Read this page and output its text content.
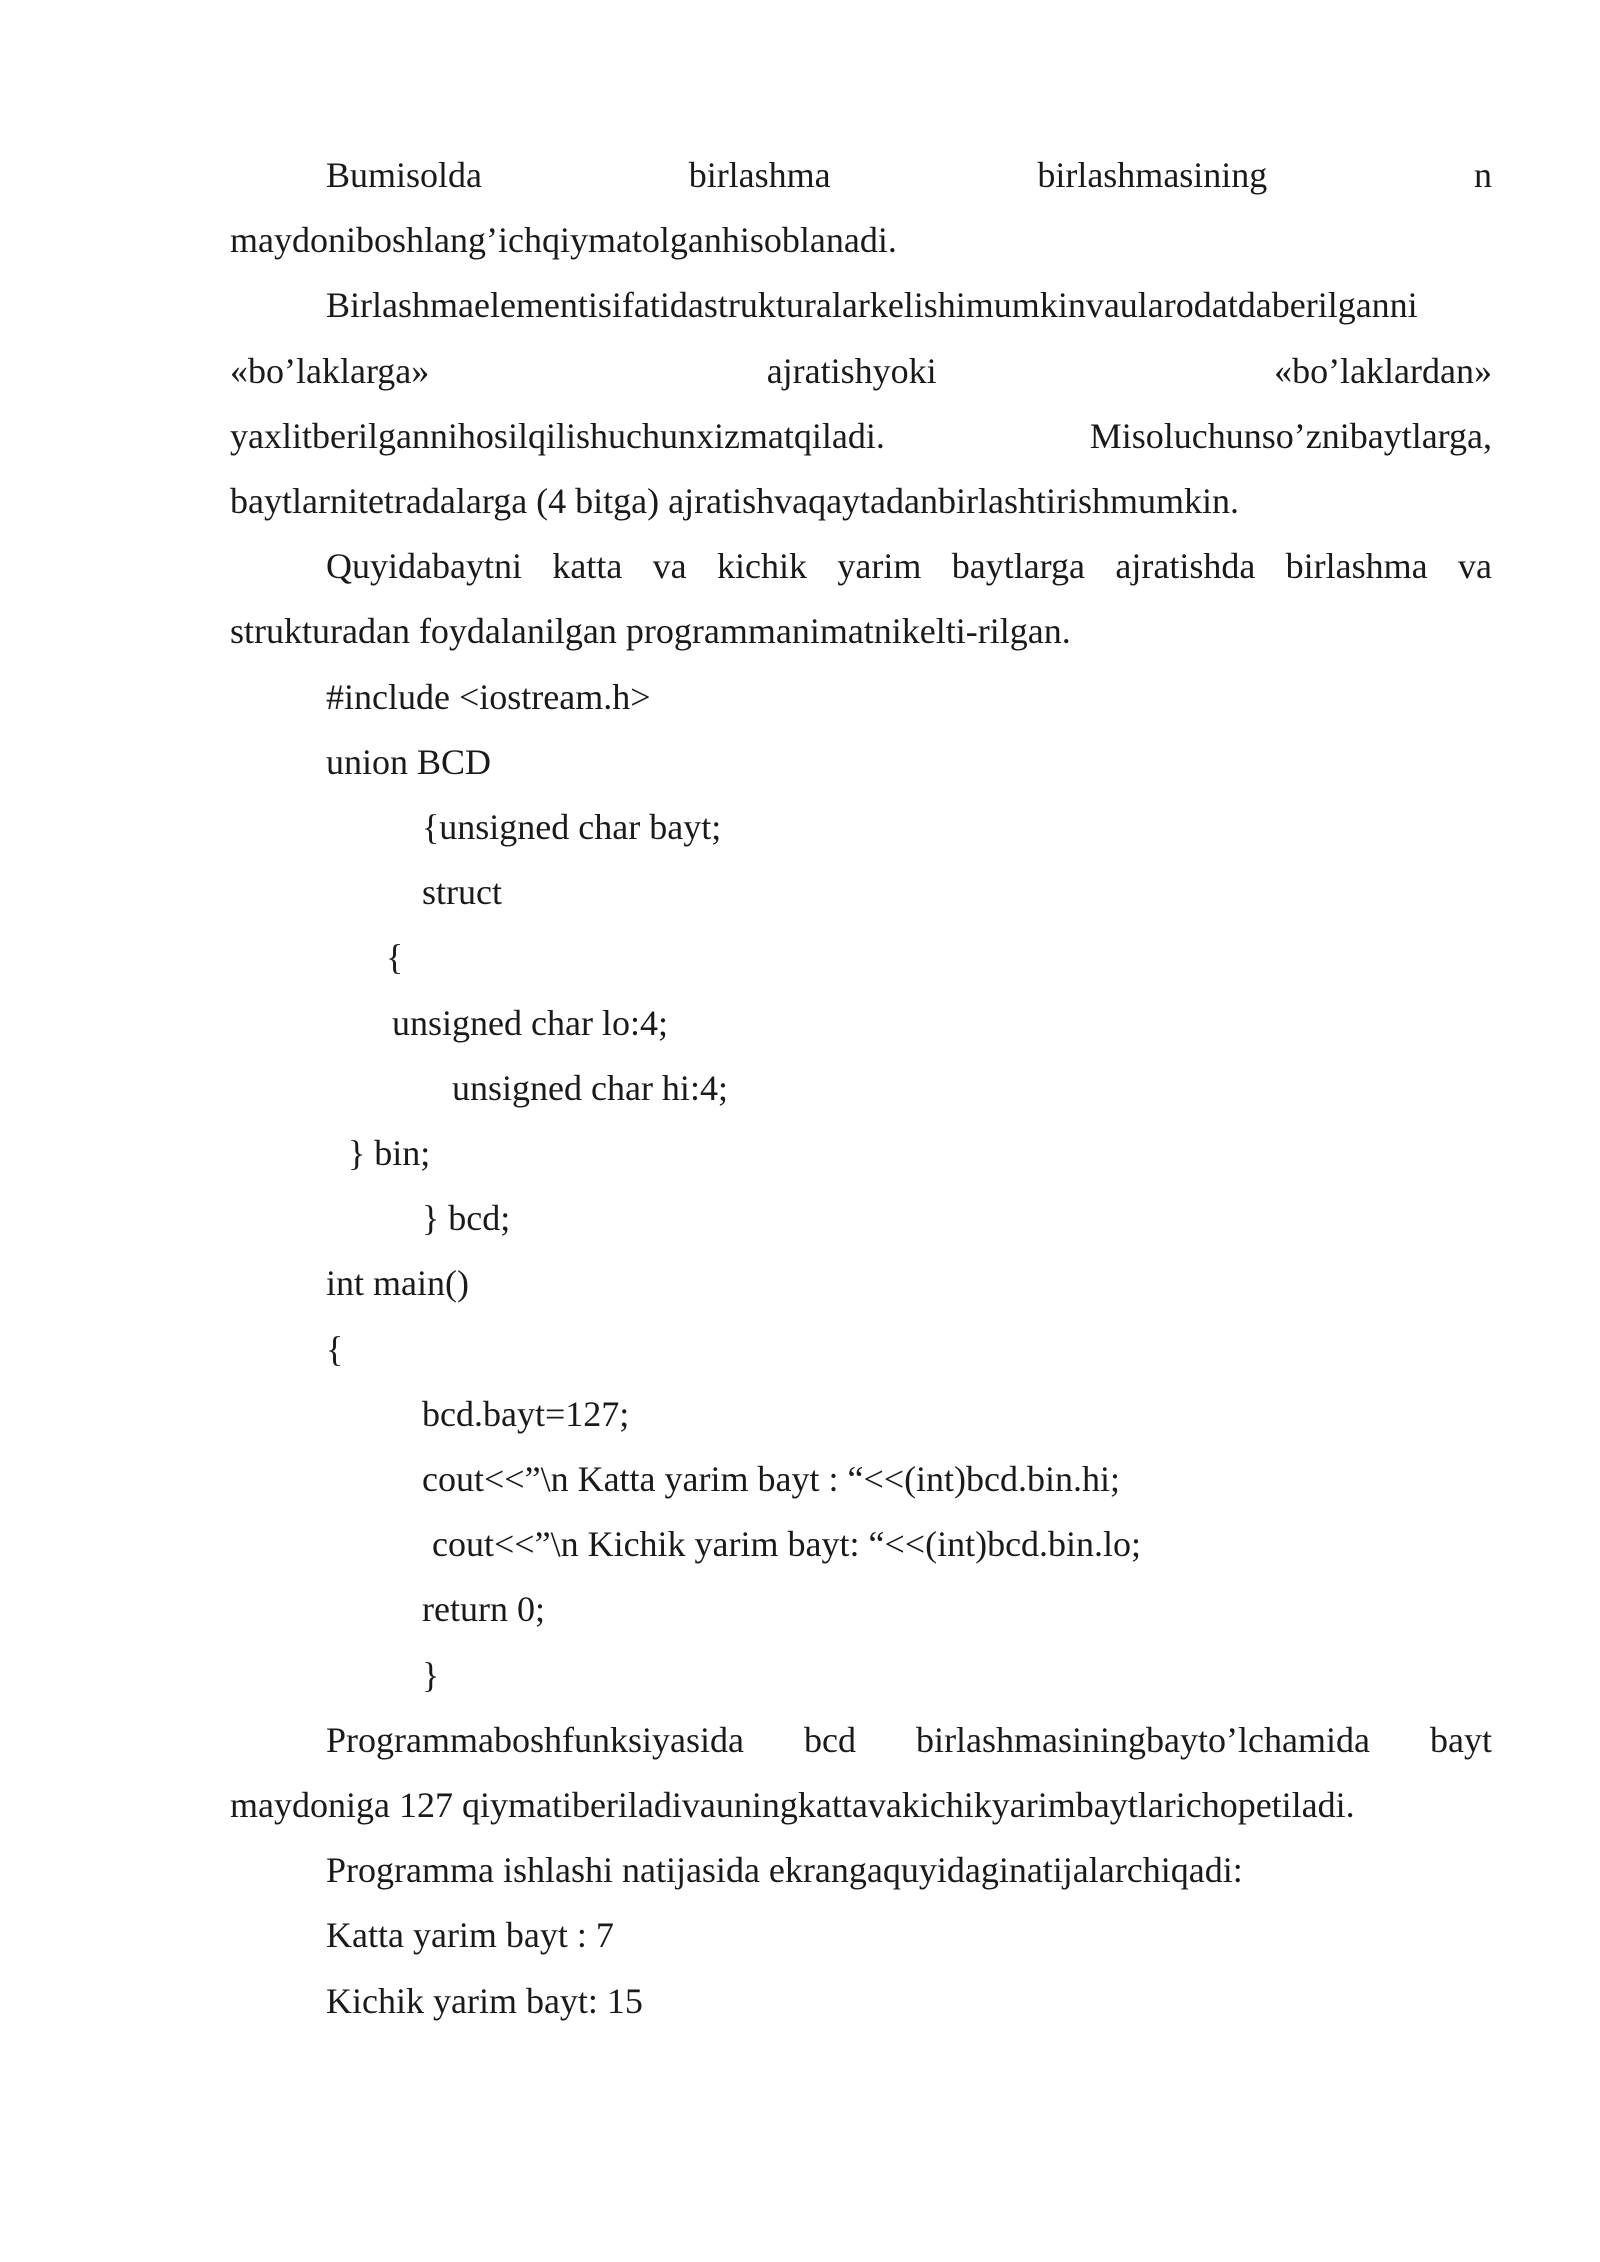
Bumisolda birlashma birlashmasining n

maydoniboshlang’ichqiymatolganhisoblanadi.

Birlashmaelementisifatidastrukturalarkelishimumkinvaularodatdaberilganni

«bo’laklarga» ajratishyoki «bo’laklardan»

yaxlitberilgannihosilqilishuchunxizmatqiladi. Misoluchunso’znibaytlarga,

baytlarnitetradalarga (4 bitga) ajratishvaqaytadanbirlashtirishmumkin.

Quyidabaytni katta va kichik yarim baytlarga ajratishda birlashma va strukturadan foydalanilgan programmanimatnikelti-rilgan.

#include <iostream.h>
union BCD
{unsigned char bayt;
struct
{
unsigned char lo:4;
unsigned char hi:4;
} bin;
} bcd;
int main()
{
bcd.bayt=127;
cout<<”\n Katta yarim bayt : “<<(int)bcd.bin.hi;
cout<<”\n Kichik yarim bayt: “<<(int)bcd.bin.lo;
return 0;
}

Programmaboshfunksiyasida bcd birlashmasiningbayto’lchamida bayt

maydoniga 127 qiymatiberiladivauningkattavakichikyarimbaytlarichopetiladi.

Programma ishlashi natijasida ekrangaquyidaginatijalarchiqadi:
Katta yarim bayt : 7
Kichik yarim bayt: 15
